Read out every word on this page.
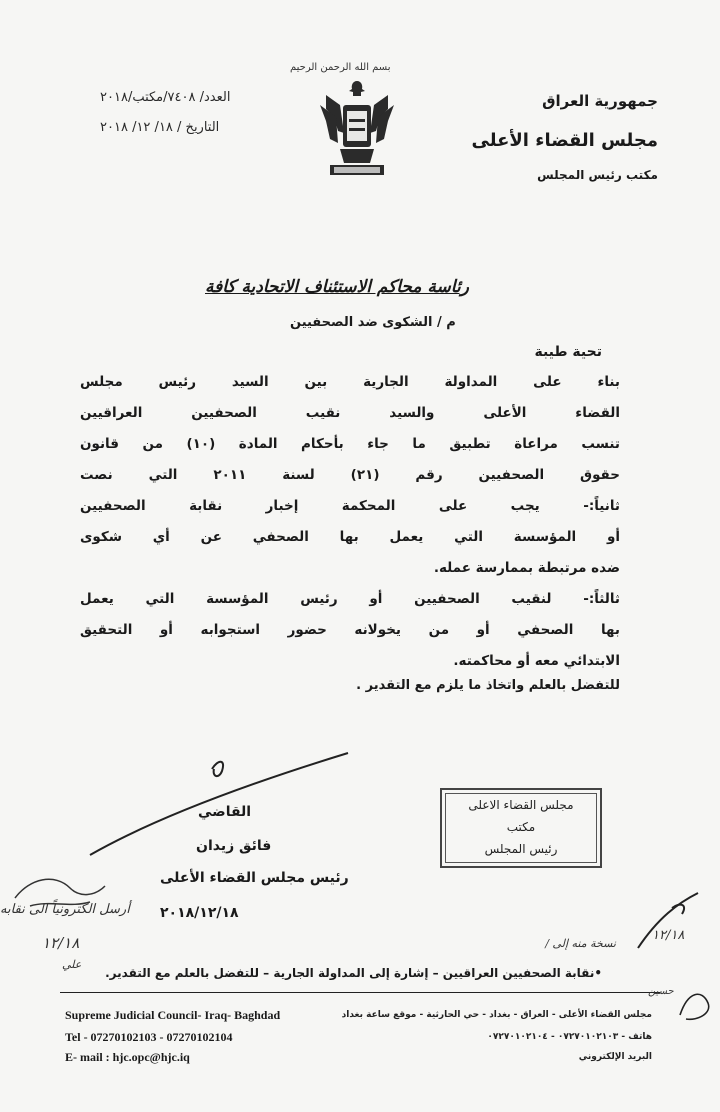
بسم الله الرحمن الرحيم
جمهورية العراق
مجلس القضاء الأعلى
مكتب رئيس المجلس
العدد/ ٧٤٠٨/مكتب/٢٠١٨
التاريخ / ١٨/ ١٢/ ٢٠١٨
رئاسة محاكم الاستئناف الاتحادية كافة
م / الشكوى ضد الصحفيين
تحية طيبة
بناء على المداولة الجارية بين السيد رئيس مجلس
القضاء الأعلى والسيد نقيب الصحفيين العراقيين
تنسب مراعاة تطبيق ما جاء بأحكام المادة (١٠) من قانون
حقوق الصحفيين رقم (٢١) لسنة ٢٠١١ التي نصت
ثانياً:- يجب على المحكمة إخبار نقابة الصحفيين
أو المؤسسة التي يعمل بها الصحفي عن أي شكوى
ضده مرتبطة بممارسة عمله.
ثالثاً:- لنقيب الصحفيين أو رئيس المؤسسة التي يعمل
بها الصحفي أو من يخولانه حضور استجوابه أو التحقيق
الابتدائي معه أو محاكمته.
للتفضل بالعلم واتخاذ ما يلزم مع التقدير .
القاضي
فائق زيدان
رئيس مجلس القضاء الأعلى
مجلس القضاء الاعلى
مكتب
رئيس المجلس
٢٠١٨/١٢/١٨
أرسل الكترونياً الى نقابه
١٢/١٨
علي
١٢/١٨
نسخة منه إلى /
•نقابة الصحفيين العراقيين – إشارة إلى المداولة الجارية – للتفضل بالعلم مع التقدير.
حسين
Supreme Judicial Council- Iraq- Baghdad
Tel - 07270102103 - 07270102104
E- mail : hjc.opc@hjc.iq
مجلس القضاء الأعلى - العراق - بغداد - حي الحارثية - موقع ساعة بغداد
هاتف - ٠٧٢٧٠١٠٢١٠٣ - ٠٧٢٧٠١٠٢١٠٤
البريد الإلكتروني
